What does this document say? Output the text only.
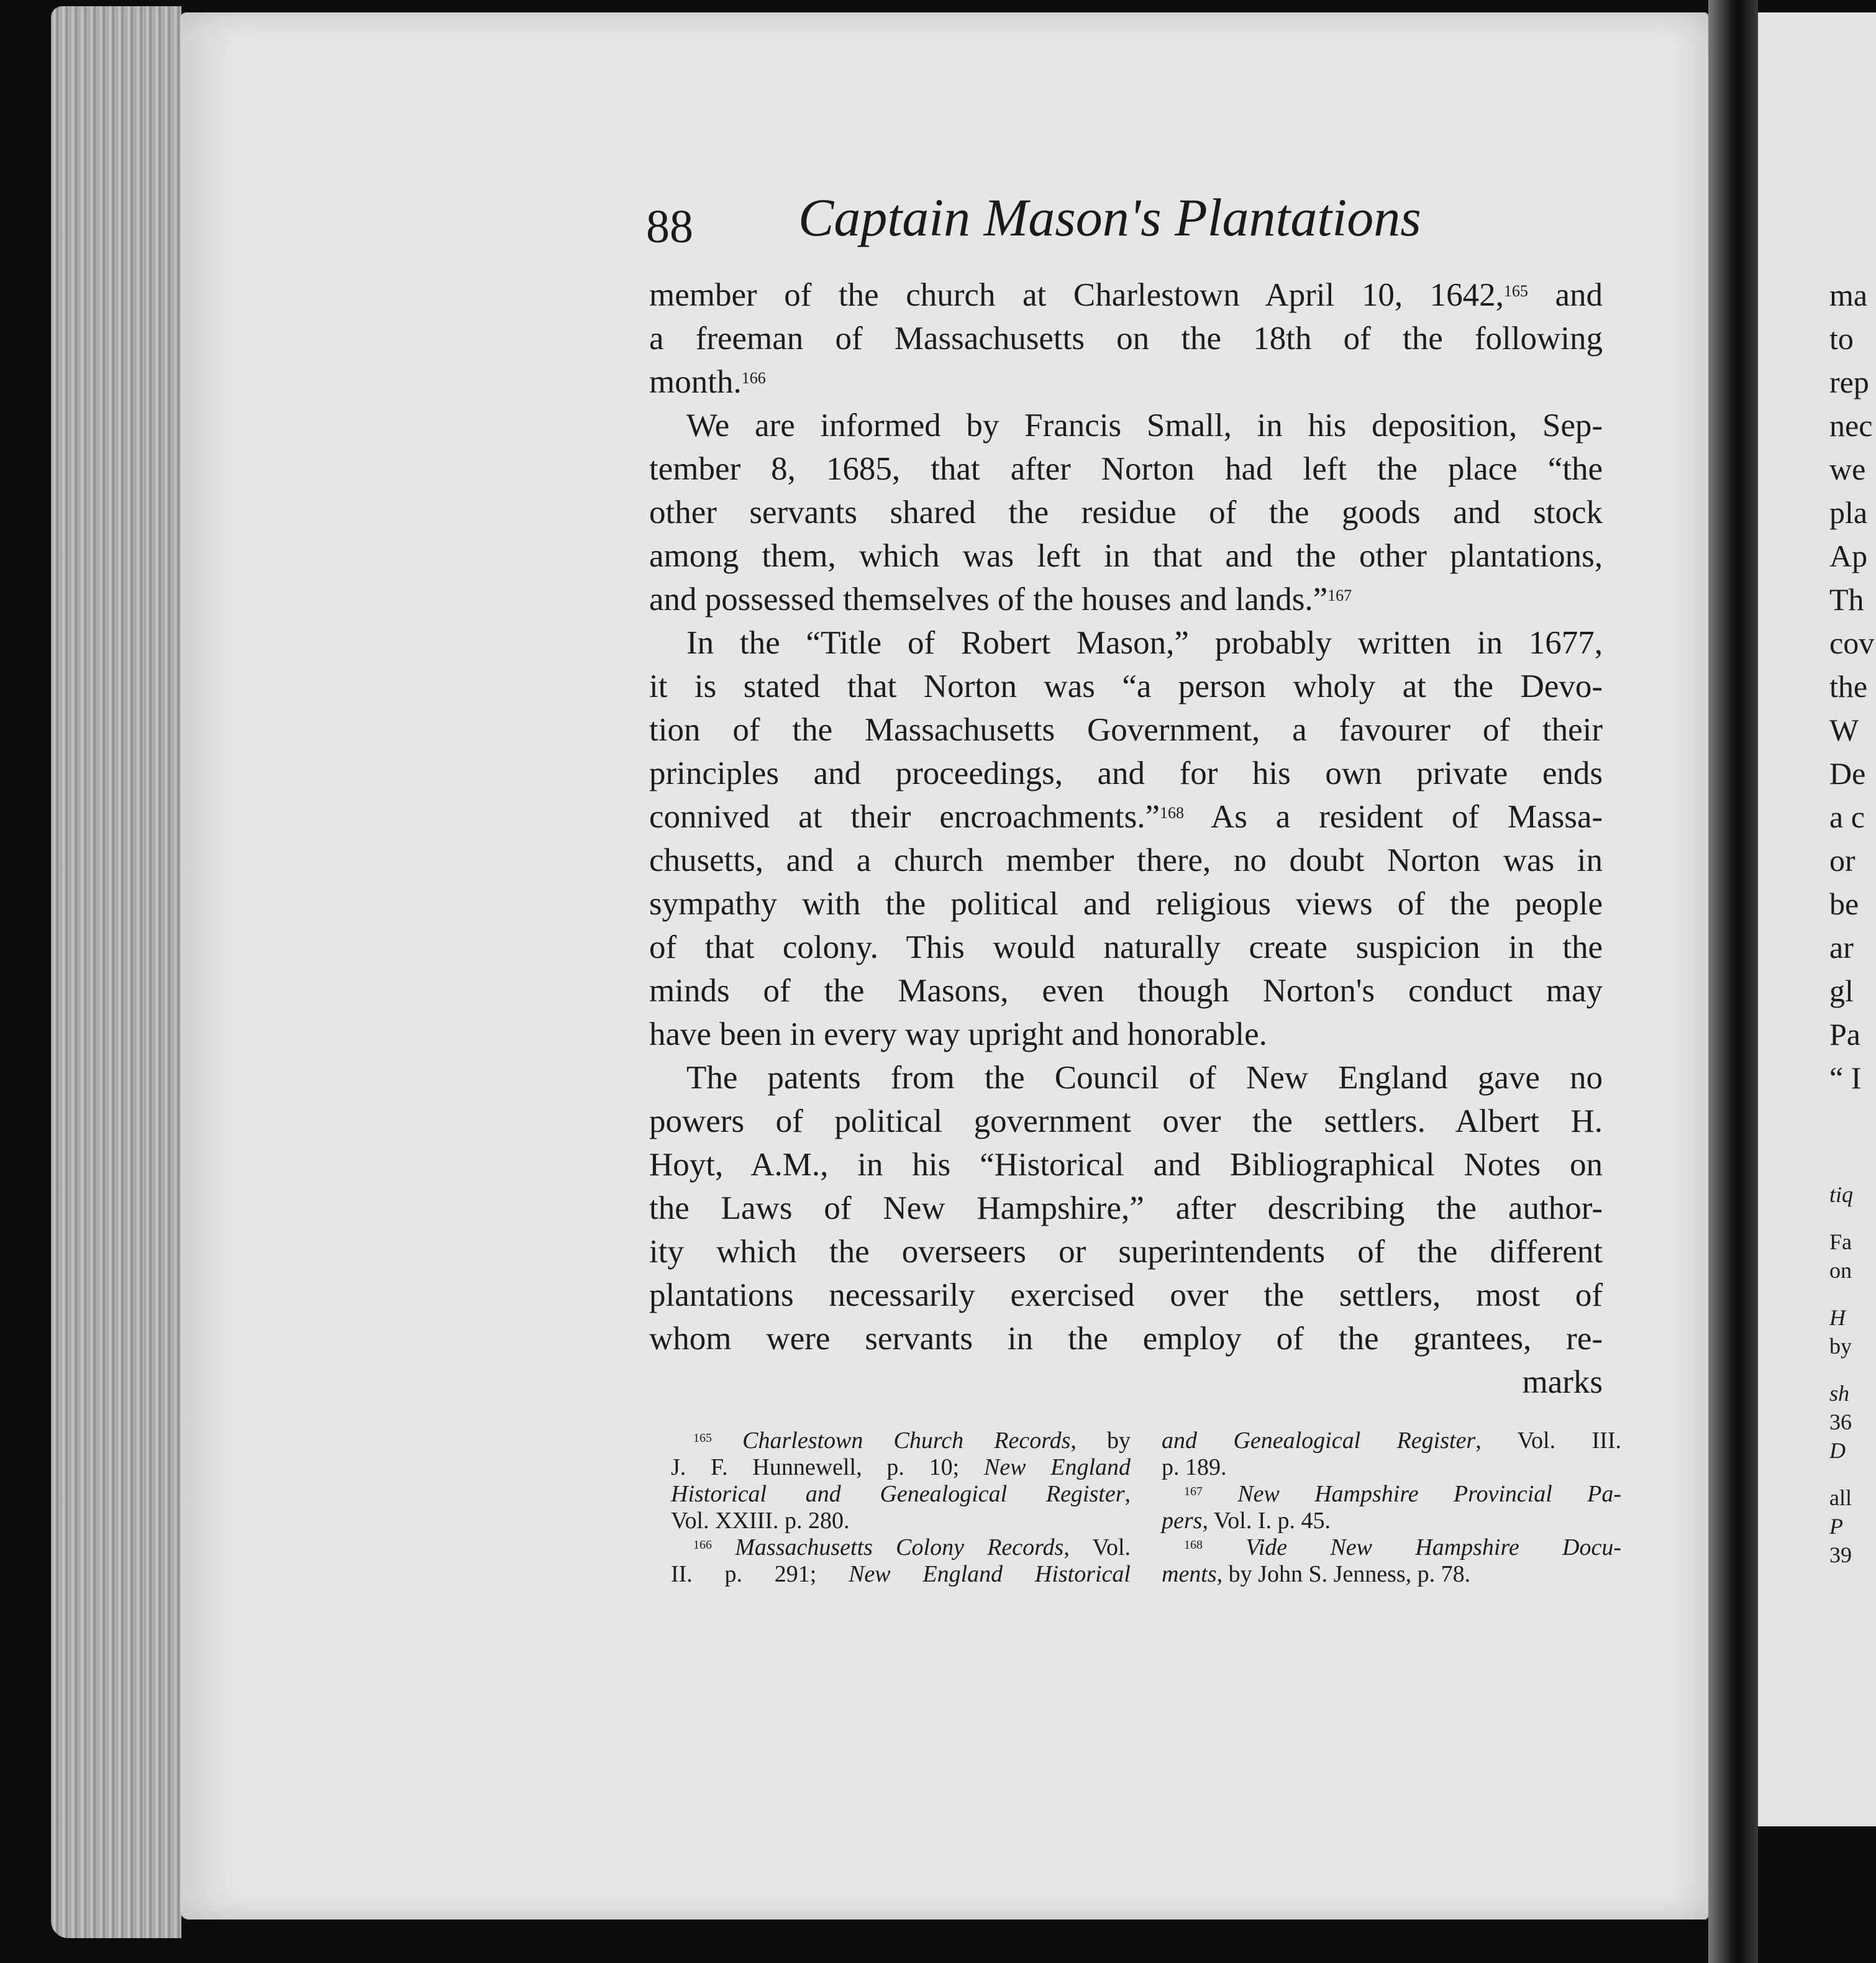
88 Captain Mason's Plantations
member of the church at Charlestown April 10, 1642,$^{165}$ and
a freeman of Massachusetts on the 18th of the following
month.$^{166}$
We are informed by Francis Small, in his deposition, Sep-
tember 8, 1685, that after Norton had left the place “the
other servants shared the residue of the goods and stock
among them, which was left in that and the other plantations,
and possessed themselves of the houses and lands.”$^{167}$
In the “Title of Robert Mason,” probably written in 1677,
it is stated that Norton was “a person wholy at the Devo-
tion of the Massachusetts Government, a favourer of their
principles and proceedings, and for his own private ends
connived at their encroachments.”$^{168}$ As a resident of Massa-
chusetts, and a church member there, no doubt Norton was in
sympathy with the political and religious views of the people
of that colony. This would naturally create suspicion in the
minds of the Masons, even though Norton's conduct may
have been in every way upright and honorable.
The patents from the Council of New England gave no
powers of political government over the settlers. Albert H.
Hoyt, A.M., in his “Historical and Bibliographical Notes on
the Laws of New Hampshire,” after describing the author-
ity which the overseers or superintendents of the different
plantations necessarily exercised over the settlers, most of
whom were servants in the employ of the grantees, re-
marks
$^{165}$ Charlestown Church Records, by
J. F. Hunnewell, p. 10; New England
Historical and Genealogical Register,
Vol. XXIII. p. 280.
$^{166}$ Massachusetts Colony Records, Vol.
II. p. 291; New England Historical
and Genealogical Register, Vol. III.
p. 189.
$^{167}$ New Hampshire Provincial Pa-
pers, Vol. I. p. 45.
$^{168}$ Vide New Hampshire Docu-
ments, by John S. Jenness, p. 78.
ma
to
rep
nec
we
pla
Ap
Th
cov
the
W
De
a c
or
be
ar
gl
Pa
“ I
tiq
Fa
on
H
by
sh
36
D
all
P
39
